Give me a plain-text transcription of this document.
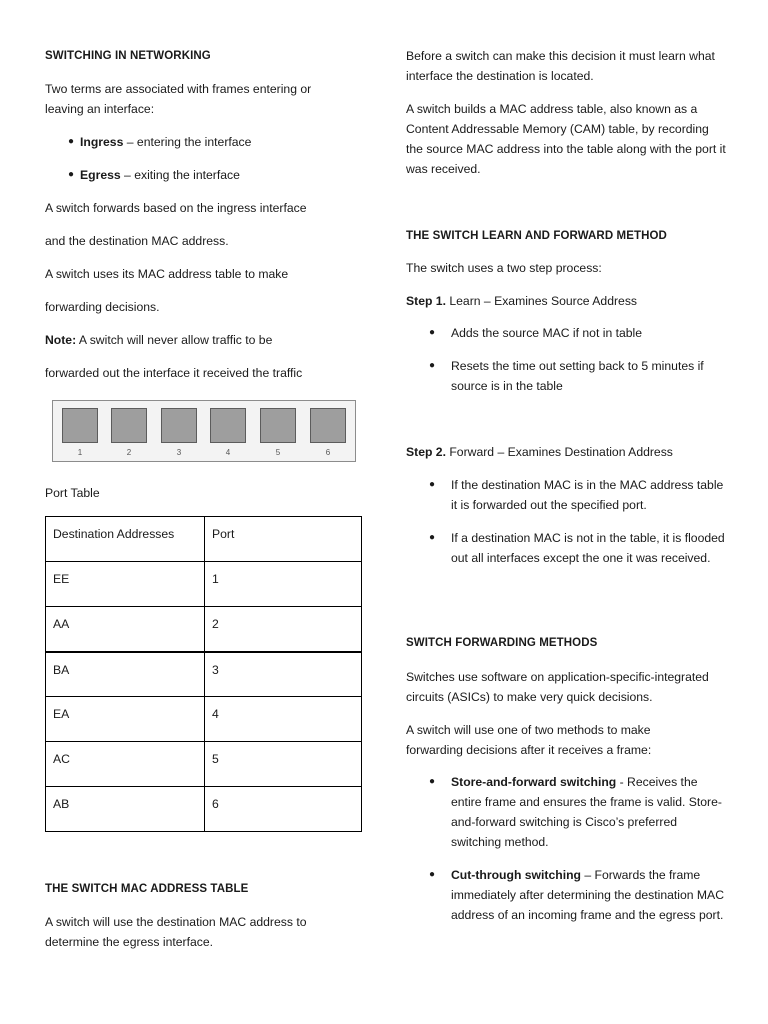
SWITCHING IN NETWORKING

Two terms are associated with frames entering or leaving an interface:

● Ingress – entering the interface
● Egress – exiting the interface

A switch forwards based on the ingress interface

and the destination MAC address.

A switch uses its MAC address table to make

forwarding decisions.

Note: A switch will never allow traffic to be

forwarded out the interface it received the traffic

1	2	3	4	5	6

Port Table

Destination Addresses	Port
EE	1
AA	2
BA	3
EA	4
AC	5
AB	6

THE SWITCH MAC ADDRESS TABLE

A switch will use the destination MAC address to determine the egress interface.

Before a switch can make this decision it must learn what interface the destination is located.

A switch builds a MAC address table, also known as a Content Addressable Memory (CAM) table, by recording the source MAC address into the table along with the port it was received.

THE SWITCH LEARN AND FORWARD METHOD

The switch uses a two step process:

Step 1. Learn – Examines Source Address

●	Adds the source MAC if not in table
●	Resets the time out setting back to 5 minutes if source is in the table

Step 2. Forward – Examines Destination Address

●	If the destination MAC is in the MAC address table it is forwarded out the specified port.
●	If a destination MAC is not in the table, it is flooded out all interfaces except the one it was received.

SWITCH FORWARDING METHODS

Switches use software on application-specific-integrated circuits (ASICs) to make very quick decisions.

A switch will use one of two methods to make forwarding decisions after it receives a frame:

●	Store-and-forward switching - Receives the entire frame and ensures the frame is valid. Store-and-forward switching is Cisco’s preferred switching method.
●	Cut-through switching – Forwards the frame immediately after determining the destination MAC address of an incoming frame and the egress port.
